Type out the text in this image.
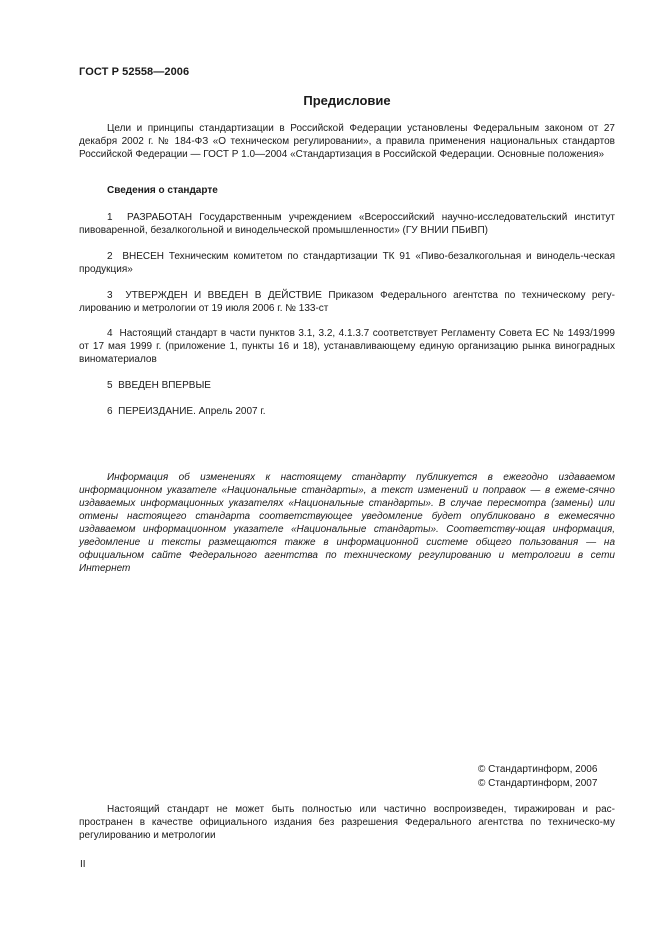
ГОСТ Р 52558—2006
Предисловие
Цели и принципы стандартизации в Российской Федерации установлены Федеральным законом от 27 декабря 2002 г. № 184-ФЗ «О техническом регулировании», а правила применения национальных стандартов Российской Федерации — ГОСТ Р 1.0—2004 «Стандартизация в Российской Федерации. Основные положения»
Сведения о стандарте
1 РАЗРАБОТАН Государственным учреждением «Всероссийский научно-исследовательский институт пивоваренной, безалкогольной и винодельческой промышленности» (ГУ ВНИИ ПБиВП)
2 ВНЕСЕН Техническим комитетом по стандартизации ТК 91 «Пиво-безалкогольная и винодель-ческая продукция»
3 УТВЕРЖДЕН И ВВЕДЕН В ДЕЙСТВИЕ Приказом Федерального агентства по техническому регу-лированию и метрологии от 19 июля 2006 г. № 133-ст
4 Настоящий стандарт в части пунктов 3.1, 3.2, 4.1.3.7 соответствует Регламенту Совета ЕС № 1493/1999 от 17 мая 1999 г. (приложение 1, пункты 16 и 18), устанавливающему единую организацию рынка виноградных виноматериалов
5 ВВЕДЕН ВПЕРВЫЕ
6 ПЕРЕИЗДАНИЕ. Апрель 2007 г.
Информация об изменениях к настоящему стандарту публикуется в ежегодно издаваемом информационном указателе «Национальные стандарты», а текст изменений и поправок — в ежеме-сячно издаваемых информационных указателях «Национальные стандарты». В случае пересмотра (замены) или отмены настоящего стандарта соответствующее уведомление будет опубликовано в ежемесячно издаваемом информационном указателе «Национальные стандарты». Соответству-ющая информация, уведомление и тексты размещаются также в информационной системе общего пользования — на официальном сайте Федерального агентства по техническому регулированию и метрологии в сети Интернет
© Стандартинформ, 2006
© Стандартинформ, 2007
Настоящий стандарт не может быть полностью или частично воспроизведен, тиражирован и рас-пространен в качестве официального издания без разрешения Федерального агентства по техническо-му регулированию и метрологии
II
